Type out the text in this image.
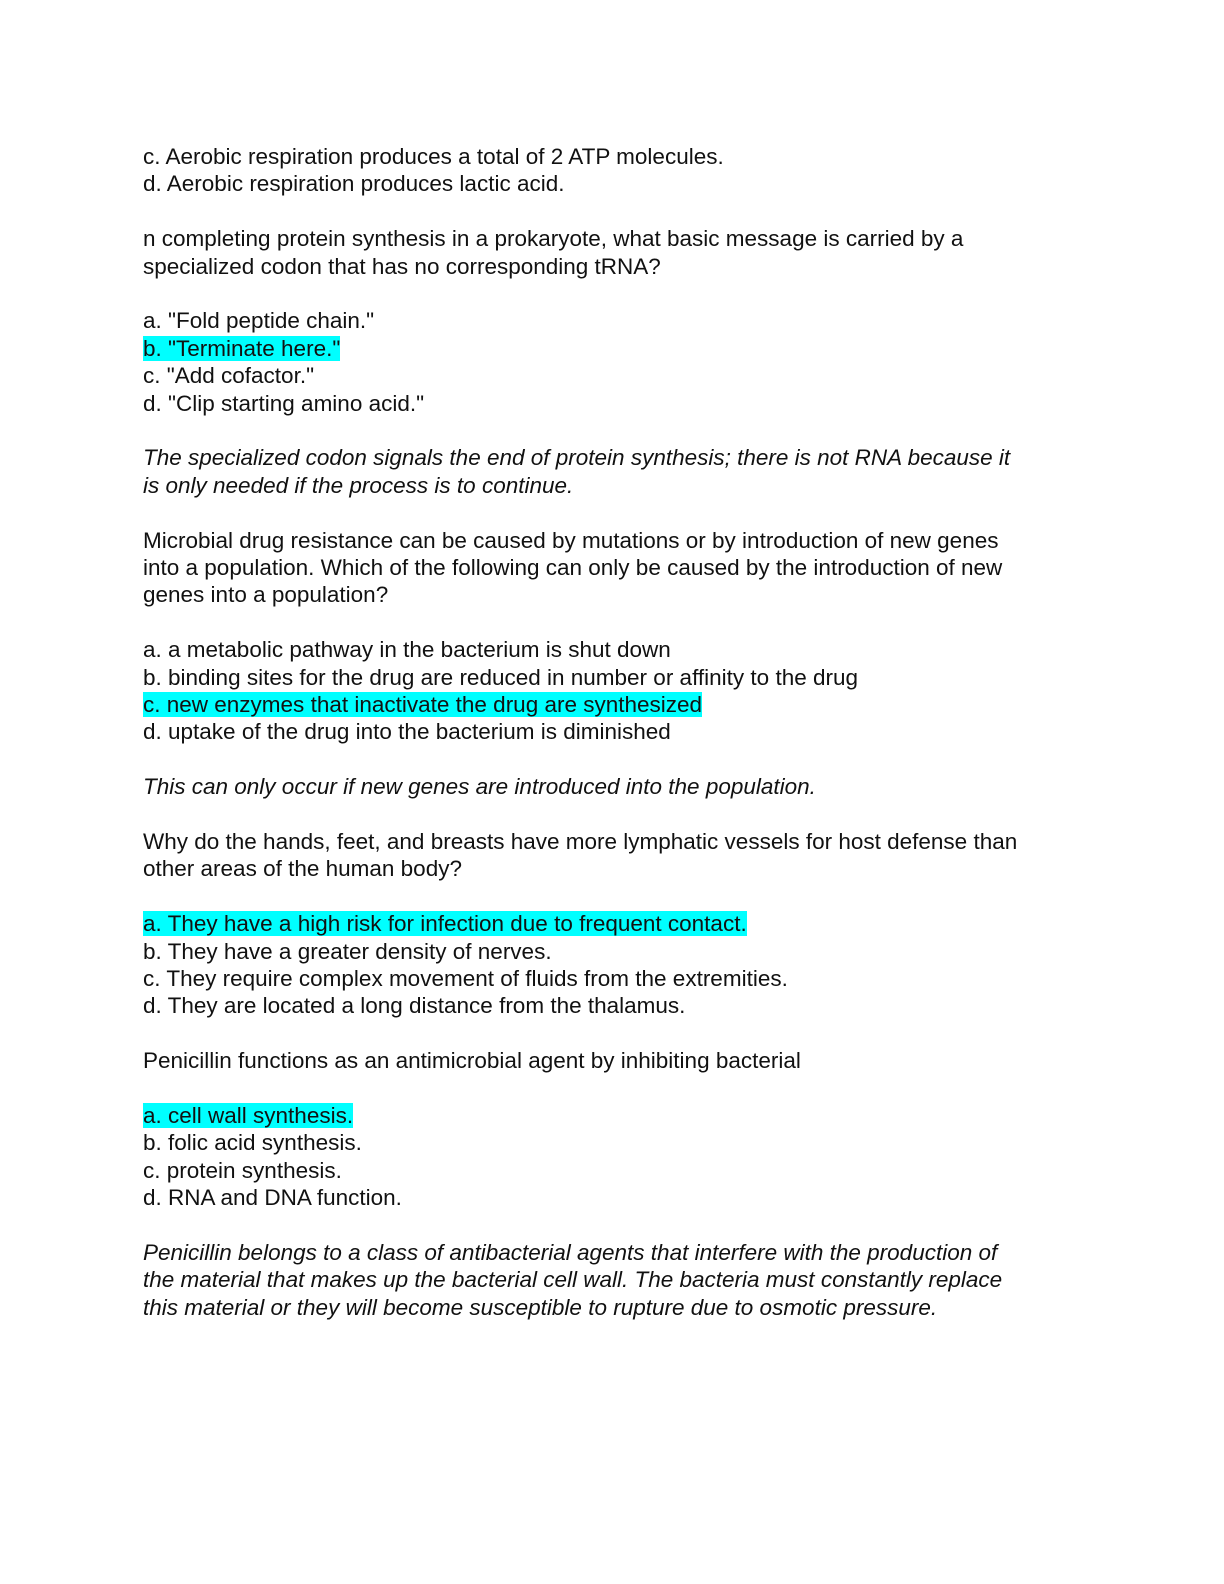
c. Aerobic respiration produces a total of 2 ATP molecules.
d. Aerobic respiration produces lactic acid.
n completing protein synthesis in a prokaryote, what basic message is carried by a
specialized codon that has no corresponding tRNA?
a. "Fold peptide chain."
b. "Terminate here."
c. "Add cofactor."
d. "Clip starting amino acid."
The specialized codon signals the end of protein synthesis; there is not RNA because it
is only needed if the process is to continue.
Microbial drug resistance can be caused by mutations or by introduction of new genes
into a population. Which of the following can only be caused by the introduction of new
genes into a population?
a. a metabolic pathway in the bacterium is shut down
b. binding sites for the drug are reduced in number or affinity to the drug
c. new enzymes that inactivate the drug are synthesized
d. uptake of the drug into the bacterium is diminished
This can only occur if new genes are introduced into the population.
Why do the hands, feet, and breasts have more lymphatic vessels for host defense than
other areas of the human body?
a. They have a high risk for infection due to frequent contact.
b. They have a greater density of nerves.
c. They require complex movement of fluids from the extremities.
d. They are located a long distance from the thalamus.
Penicillin functions as an antimicrobial agent by inhibiting bacterial
a. cell wall synthesis.
b. folic acid synthesis.
c. protein synthesis.
d. RNA and DNA function.
Penicillin belongs to a class of antibacterial agents that interfere with the production of
the material that makes up the bacterial cell wall. The bacteria must constantly replace
this material or they will become susceptible to rupture due to osmotic pressure.
